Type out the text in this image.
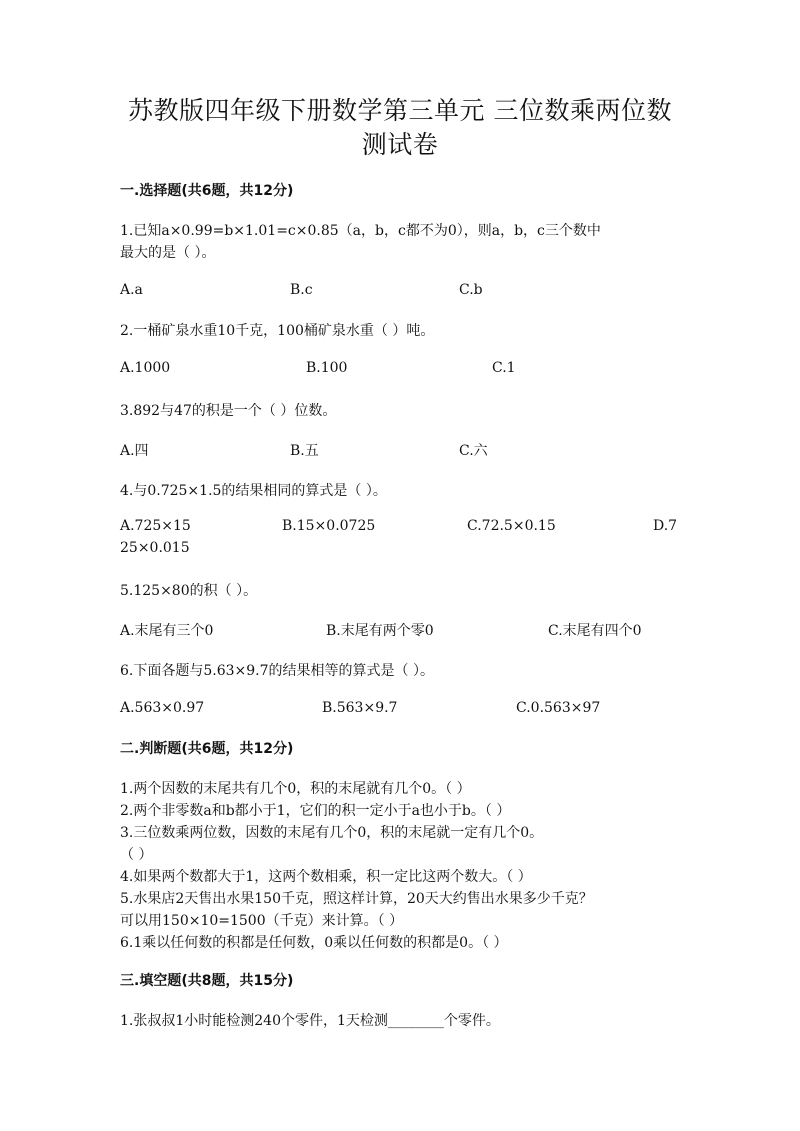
苏教版四年级下册数学第三单元 三位数乘两位数
测试卷
一.选择题(共6题，共12分)
1.已知a×0.99=b×1.01=c×0.85（a，b，c都不为0），则a，b，c三个数中
最大的是（ ）。
A.a	B.c	C.b
2.一桶矿泉水重10千克，100桶矿泉水重（ ）吨。
A.1000	B.100	C.1
3.892与47的积是一个（ ）位数。
A.四	B.五	C.六
4.与0.725×1.5的结果相同的算式是（ ）。
A.725×15	B.15×0.0725	C.72.5×0.15	D.7
25×0.015
5.125×80的积（ ）。
A.末尾有三个0	B.末尾有两个零0	C.末尾有四个0
6.下面各题与5.63×9.7的结果相等的算式是（ ）。
A.563×0.97	B.563×9.7	C.0.563×97
二.判断题(共6题，共12分)
1.两个因数的末尾共有几个0，积的末尾就有几个0。（ ）
2.两个非零数a和b都小于1，它们的积一定小于a也小于b。（ ）
3.三位数乘两位数，因数的末尾有几个0，积的末尾就一定有几个0。
（ ）
4.如果两个数都大于1，这两个数相乘，积一定比这两个数大。（ ）
5.水果店2天售出水果150千克，照这样计算，20天大约售出水果多少千克？
可以用150×10=1500（千克）来计算。（ ）
6.1乘以任何数的积都是任何数，0乘以任何数的积都是0。（ ）
三.填空题(共8题，共15分)
1.张叔叔1小时能检测240个零件，1天检测________个零件。
